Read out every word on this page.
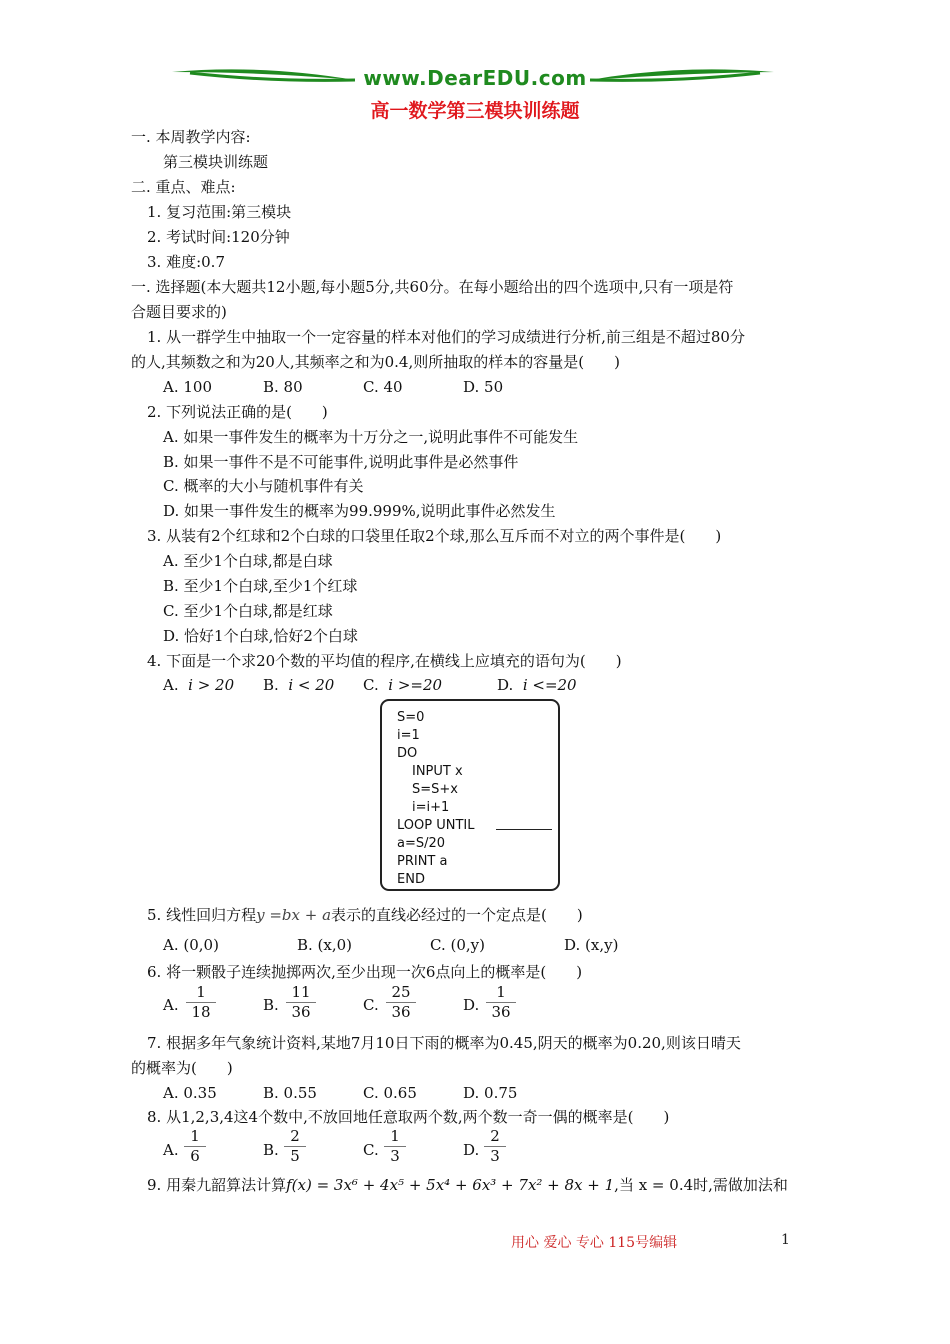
www.DearEDU.com
高一数学第三模块训练题
一. 本周教学内容:
第三模块训练题
二. 重点、难点:
1. 复习范围:第三模块
2. 考试时间:120分钟
3. 难度:0.7
一. 选择题(本大题共12小题,每小题5分,共60分。在每小题给出的四个选项中,只有一项是符
合题目要求的)
1. 从一群学生中抽取一个一定容量的样本对他们的学习成绩进行分析,前三组是不超过80分
的人,其频数之和为20人,其频率之和为0.4,则所抽取的样本的容量是(　　)
A. 100	B. 80	C. 40	D. 50
2. 下列说法正确的是(　　)
A. 如果一事件发生的概率为十万分之一,说明此事件不可能发生
B. 如果一事件不是不可能事件,说明此事件是必然事件
C. 概率的大小与随机事件有关
D. 如果一事件发生的概率为99.999%,说明此事件必然发生
3. 从装有2个红球和2个白球的口袋里任取2个球,那么互斥而不对立的两个事件是(　　)
A. 至少1个白球,都是白球
B. 至少1个白球,至少1个红球
C. 至少1个白球,都是红球
D. 恰好1个白球,恰好2个白球
4. 下面是一个求20个数的平均值的程序,在横线上应填充的语句为(　　)
A. i > 20 B. i < 20 C. i >=20	D. i <=20
S=0
i=1
DO
INPUT x
S=S+x
i=i+1
LOOP UNTIL
a=S/20
PRINT a
END
5. 线性回归方程y =bx + a表示的直线必经过的一个定点是(　　)
A. (0,0)	B. (x,0)	C. (0,y)	D. (x,y)
6. 将一颗骰子连续抛掷两次,至少出现一次6点向上的概率是(　　)
A. $\frac{1}{18}$	B. $\frac{11}{36}$	C. $\frac{25}{36}$	D. $\frac{1}{36}$
7. 根据多年气象统计资料,某地7月10日下雨的概率为0.45,阴天的概率为0.20,则该日晴天
的概率为(　　)
A. 0.35	B. 0.55	C. 0.65	D. 0.75
8. 从1,2,3,4这4个数中,不放回地任意取两个数,两个数一奇一偶的概率是(　　)
A. $\frac{1}{6}$	B. $\frac{2}{5}$	C. $\frac{1}{3}$	D. $\frac{2}{3}$
9. 用秦九韶算法计算f(x) = 3x⁶ + 4x⁵ + 5x⁴ + 6x³ + 7x² + 8x + 1,当 x = 0.4时,需做加法和
用心 爱心 专心 115号编辑	1
